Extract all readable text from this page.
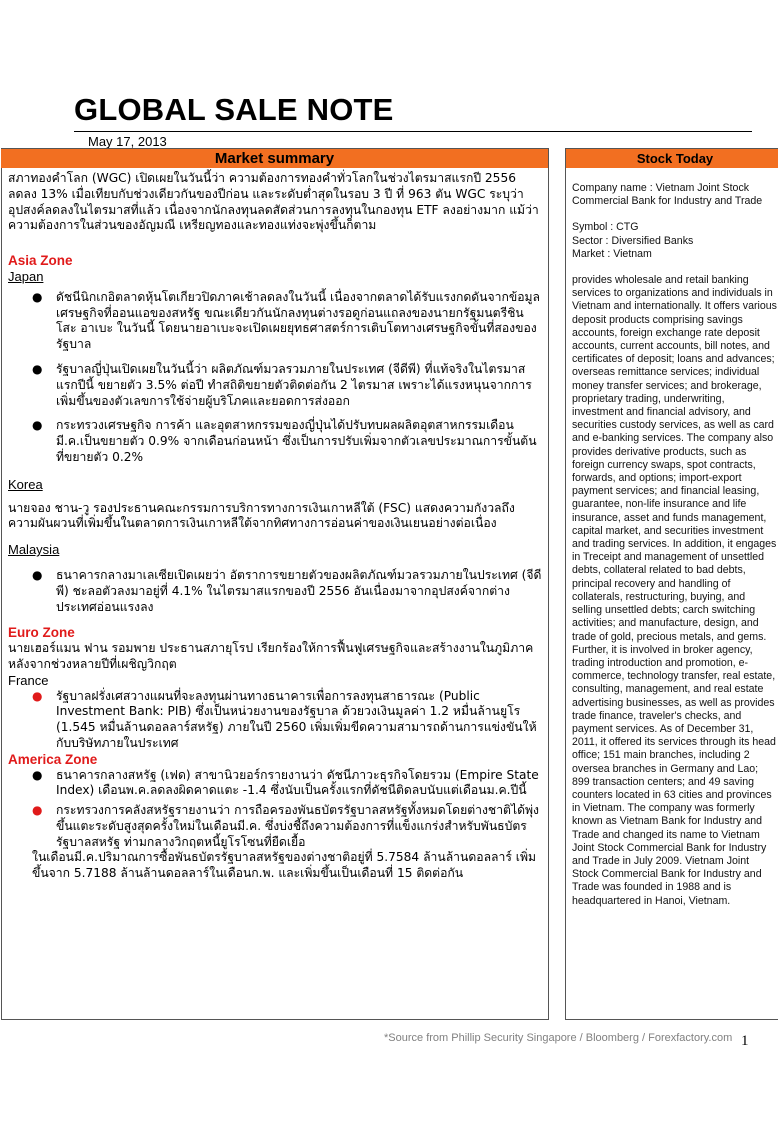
GLOBAL SALE NOTE
May 17, 2013
Market summary	Stock Today

สภาทองคำโลก (WGC) เปิดเผยในวันนี้ว่า ความต้องการทองคำทั่วโลกในช่วงไตรมาสแรกปี 2556 ลดลง 13% เมื่อเทียบกับช่วงเดียวกันของปีก่อน และระดับต่ำสุดในรอบ 3 ปี ที่ 963 ตัน WGC ระบุว่าอุปสงค์ลดลงในไตรมาสที่แล้ว เนื่องจากนักลงทุนลดสัดส่วนการลงทุนในกองทุน ETF ลงอย่างมาก แม้ว่าความต้องการในส่วนของอัญมณี เหรียญทองและทองแท่งจะพุ่งขึ้นก็ตาม

Asia Zone

Japan

● ดัชนีนิกเกอิตลาดหุ้นโตเกียวปิดภาคเช้าลดลงในวันนี้ เนื่องจากตลาดได้รับแรงกดดันจากข้อมูลเศรษฐกิจที่ออนแอของสหรัฐ ขณะเดียวกันนักลงทุนต่างรอดูก่อนแถลงของนายกรัฐมนตรีชินโสะ อาเบะ ในวันนี้ โดยนายอาเบะจะเปิดเผยยุทธศาสตร์การเติบโตทางเศรษฐกิจขั้นที่สองของรัฐบาล
● รัฐบาลญี่ปุ่นเปิดเผยในวันนี้ว่า ผลิตภัณฑ์มวลรวมภายในประเทศ (จีดีพี) ที่แท้จริงในไตรมาสแรกปีนี้ ขยายตัว 3.5% ต่อปี ทำสถิติขยายตัวติดต่อกัน 2 ไตรมาส เพราะได้แรงหนุนจากการเพิ่มขึ้นของตัวเลขการใช้จ่ายผู้บริโภคและยอดการส่งออก
● กระทรวงเศรษฐกิจ การค้า และอุตสาหกรรมของญี่ปุ่นได้ปรับทบผลผลิตอุตสาหกรรมเดือนมี.ค.เป็นขยายตัว 0.9% จากเดือนก่อนหน้า ซึ่งเป็นการปรับเพิ่มจากตัวเลขประมาณการขั้นต้นที่ขยายตัว 0.2%

Korea

นายจอง ชาน-วู รองประธานคณะกรรมการบริการทางการเงินเกาหลีใต้ (FSC) แสดงความกังวลถึงความผันผวนที่เพิ่มขึ้นในตลาดการเงินเกาหลีใต้จากทิศทางการอ่อนค่าของเงินเยนอย่างต่อเนื่อง

Malaysia

● ธนาคารกลางมาเลเซียเปิดเผยว่า อัตราการขยายตัวของผลิตภัณฑ์มวลรวมภายในประเทศ (จีดีพี) ชะลอตัวลงมาอยู่ที่ 4.1% ในไตรมาสแรกของปี 2556 อันเนื่องมาจากอุปสงค์จากต่างประเทศอ่อนแรงลง

Euro Zone

นายเฮอร์แมน ฟาน รอมพาย ประธานสภายุโรป เรียกร้องให้การฟื้นฟูเศรษฐกิจและสร้างงานในภูมิภาคหลังจากช่วงหลายปีที่เผชิญวิกฤต

France

● รัฐบาลฝรั่งเศสวางแผนที่จะลงทุนผ่านทางธนาคารเพื่อการลงทุนสาธารณะ (Public Investment Bank: PIB) ซึ่งเป็นหน่วยงานของรัฐบาล ด้วยวงเงินมูลค่า 1.2 หมื่นล้านยูโร (1.545 หมื่นล้านดอลลาร์สหรัฐ) ภายในปี 2560 เพิ่มเพิ่มขีดความสามารถด้านการแข่งขันให้กับบริษัทภายในประเทศ

America Zone

● ธนาคารกลางสหรัฐ (เฟด) สาขานิวยอร์กรายงานว่า ดัชนีภาวะธุรกิจโดยรวม (Empire State Index) เดือนพ.ค.ลดลงผิดคาดแตะ -1.4 ซึ่งนับเป็นครั้งแรกที่ดัชนีติดลบนับแต่เดือนม.ค.ปีนี้
● กระทรวงการคลังสหรัฐรายงานว่า การถือครองพันธบัตรรัฐบาลสหรัฐทั้งหมดโดยต่างชาติได้พุ่งขึ้นแตะระดับสูงสุดครั้งใหม่ในเดือนมี.ค. ซึ่งบ่งชี้ถึงความต้องการที่แข็งแกร่งสำหรับพันธบัตรรัฐบาลสหรัฐ ท่ามกลางวิกฤตหนี้ยูโรโซนที่ยืดเยื้อ

ในเดือนมี.ค.ปริมาณการซื้อพันธบัตรรัฐบาลสหรัฐของต่างชาติอยู่ที่ 5.7584 ล้านล้านดอลลาร์ เพิ่มขึ้นจาก 5.7188 ล้านล้านดอลลาร์ในเดือนก.พ. และเพิ่มขึ้นเป็นเดือนที่ 15 ติดต่อกัน

Company name : Vietnam Joint Stock Commercial Bank for Industry and Trade

Symbol : CTG

Sector : Diversified Banks

Market : Vietnam

provides wholesale and retail banking services to organizations and individuals in Vietnam and internationally. It offers various deposit products comprising savings accounts, foreign exchange rate deposit accounts, current accounts, bill notes, and certificates of deposit; loans and advances; overseas remittance services; individual money transfer services; and brokerage, proprietary trading, underwriting, investment and financial advisory, and securities custody services, as well as card and e-banking services. The company also provides derivative products, such as foreign currency swaps, spot contracts, forwards, and options; import-export payment services; and financial leasing, guarantee, non-life insurance and life insurance, asset and funds management, capital market, and securities investment and trading services. In addition, it engages in Treceipt and management of unsettled debts, collateral related to bad debts, principal recovery and handling of collaterals, restructuring, buying, and selling unsettled debts; carch switching activities; and manufacture, design, and trade of gold, precious metals, and gems. Further, it is involved in broker agency, trading introduction and promotion, e-commerce, technology transfer, real estate, consulting, management, and real estate advertising businesses, as well as provides trade finance, traveler's checks, and payment services. As of December 31, 2011, it offered its services through its head office; 151 main branches, including 2 oversea branches in Germany and Lao; 899 transaction centers; and 49 saving counters located in 63 cities and provinces in Vietnam. The company was formerly known as Vietnam Bank for Industry and Trade and changed its name to Vietnam Joint Stock Commercial Bank for Industry and Trade in July 2009. Vietnam Joint Stock Commercial Bank for Industry and Trade was founded in 1988 and is headquartered in Hanoi, Vietnam.

*Source from Phillip Security Singapore / Bloomberg / Forexfactory.com 1
